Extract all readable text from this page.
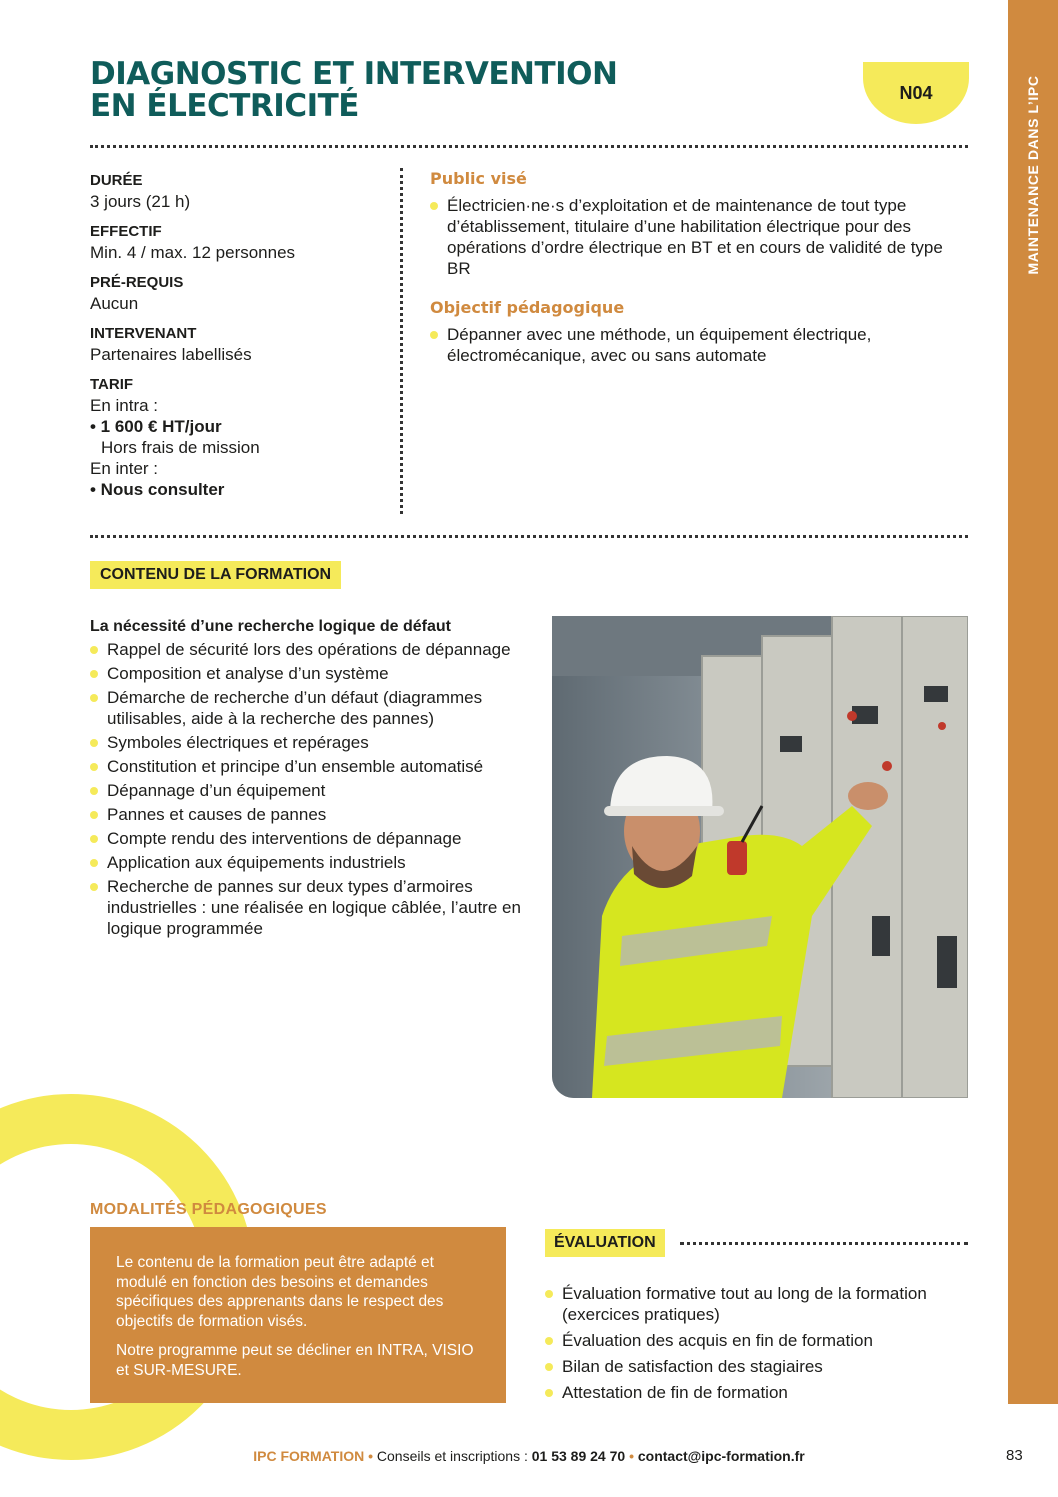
MAINTENANCE DANS L’IPC
DIAGNOSTIC ET INTERVENTION
EN ÉLECTRICITÉ	N04
DURÉE
3 jours (21 h)
EFFECTIF
Min. 4 / max. 12 personnes
PRÉ-REQUIS
Aucun
INTERVENANT
Partenaires labellisés
TARIF
En intra :
• 1 600 € HT/jour
Hors frais de mission
En inter :
• Nous consulter
Public visé
Électricien·ne·s d’exploitation et de maintenance de tout type d’établissement, titulaire d’une habilitation électrique pour des opérations d’ordre électrique en BT et en cours de validité de type BR
Objectif pédagogique
Dépanner avec une méthode, un équipement électrique, électromécanique, avec ou sans automate
CONTENU DE LA FORMATION
La nécessité d’une recherche logique de défaut
Rappel de sécurité lors des opérations de dépannage
Composition et analyse d’un système
Démarche de recherche d’un défaut (diagrammes utilisables, aide à la recherche des pannes)
Symboles électriques et repérages
Constitution et principe d’un ensemble automatisé
Dépannage d’un équipement
Pannes et causes de pannes
Compte rendu des interventions de dépannage
Application aux équipements industriels
Recherche de pannes sur deux types d’armoires industrielles : une réalisée en logique câblée, l’autre en logique programmée
MODALITÉS PÉDAGOGIQUES

Le contenu de la formation peut être adapté et modulé en fonction des besoins et demandes spécifiques des apprenants dans le respect des objectifs de formation visés.

Notre programme peut se décliner en INTRA, VISIO et SUR-MESURE.

ÉVALUATION
Évaluation formative tout au long de la formation (exercices pratiques)
Évaluation des acquis en fin de formation
Bilan de satisfaction des stagiaires
Attestation de fin de formation
IPC FORMATION • Conseils et inscriptions : 01 53 89 24 70 • contact@ipc-formation.fr	83
